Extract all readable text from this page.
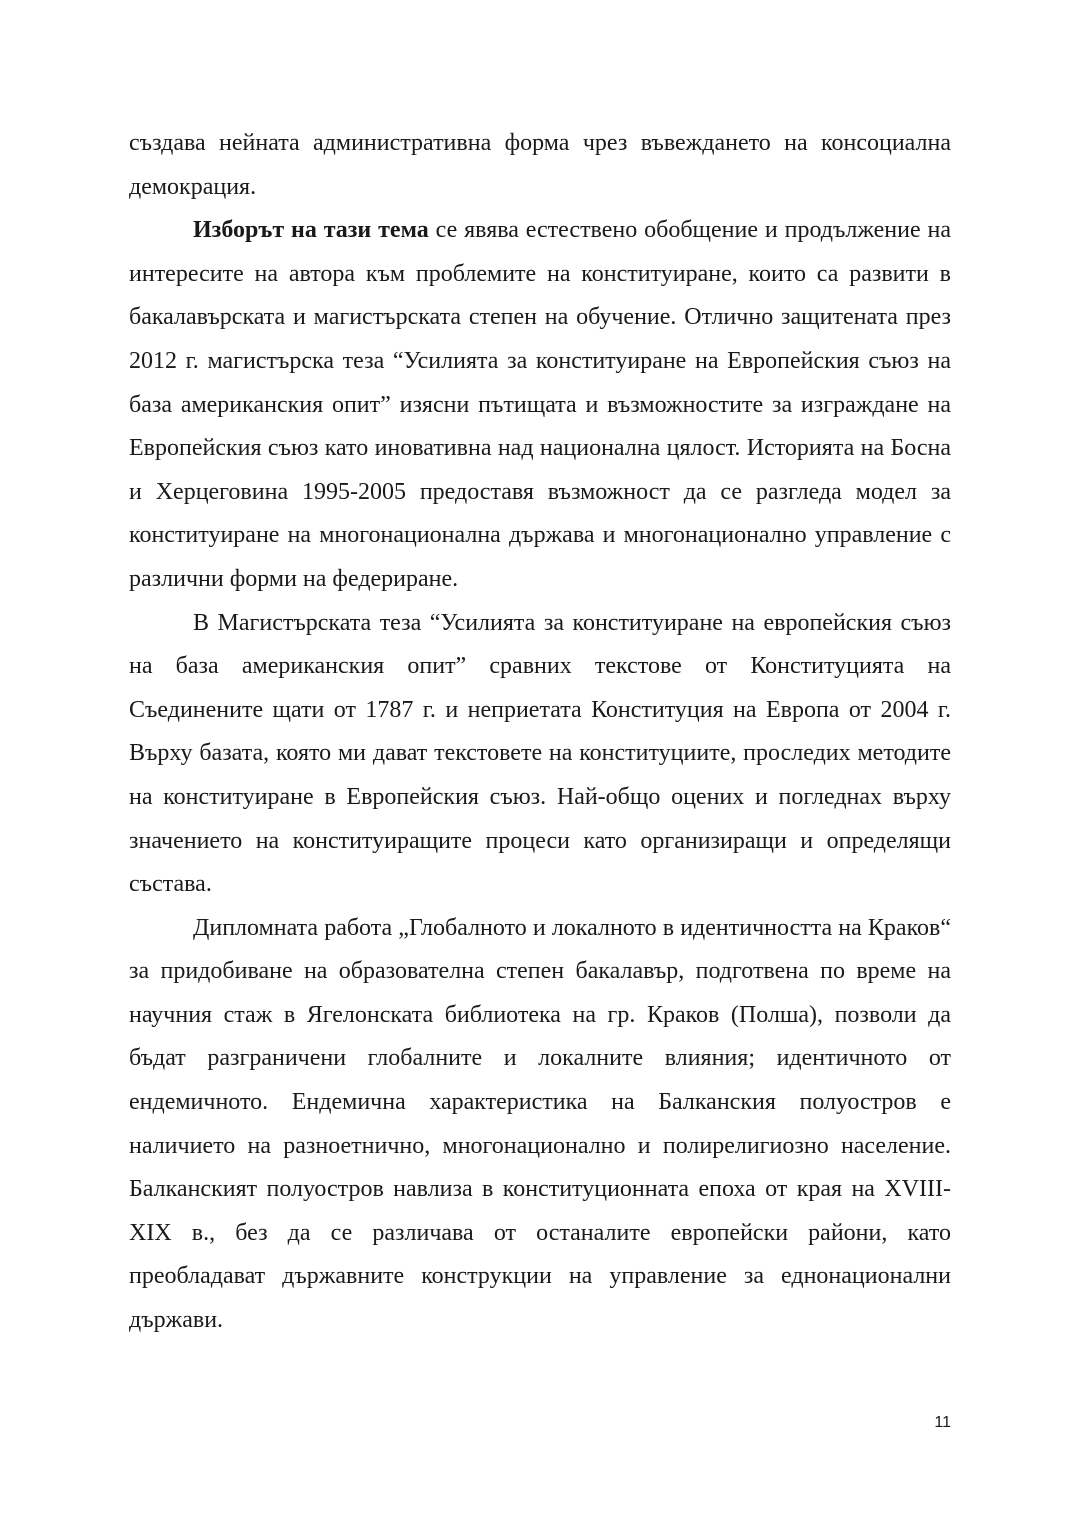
създава нейната административна форма чрез въвеждането на консоциална демокрация.

Изборът на тази тема се явява естествено обобщение и продължение на интересите на автора към проблемите на конституиране, които са развити в бакалавърската и магистърската степен на обучение. Отлично защитената през 2012 г. магистърска теза “Усилията за конституиране на Европейския съюз на база американския опит” изясни пътищата и възможностите за изграждане на Европейския съюз като иновативна над национална цялост. Историята на Босна и Херцеговина 1995-2005 предоставя възможност да се разгледа модел за конституиране на многонационална държава и многонационално управление с различни форми на федериране.

В Магистърската теза “Усилията за конституиране на европейския съюз на база американския опит” сравних текстове от Конституцията на Съединените щати от 1787 г. и неприетата Конституция на Европа от 2004 г. Върху базата, която ми дават текстовете на конституциите, проследих методите на конституиране в Европейския съюз. Най-общо оцених и погледнах върху значението на конституиращите процеси като организиращи и определящи състава.

Дипломната работа „Глобалното и локалното в идентичността на Краков“ за придобиване на образователна степен бакалавър, подготвена по време на научния стаж в Ягелонската библиотека на гр. Краков (Полша), позволи да бъдат разграничени глобалните и локалните влияния; идентичното от ендемичното. Ендемична характеристика на Балканския полуостров е наличието на разноетнично, многонационално и полирелигиозно население. Балканският полуостров навлиза в конституционната епоха от края на XVIII-XIX в., без да се различава от останалите европейски райони, като преобладават държавните конструкции на управление за еднонационални държави.

11
